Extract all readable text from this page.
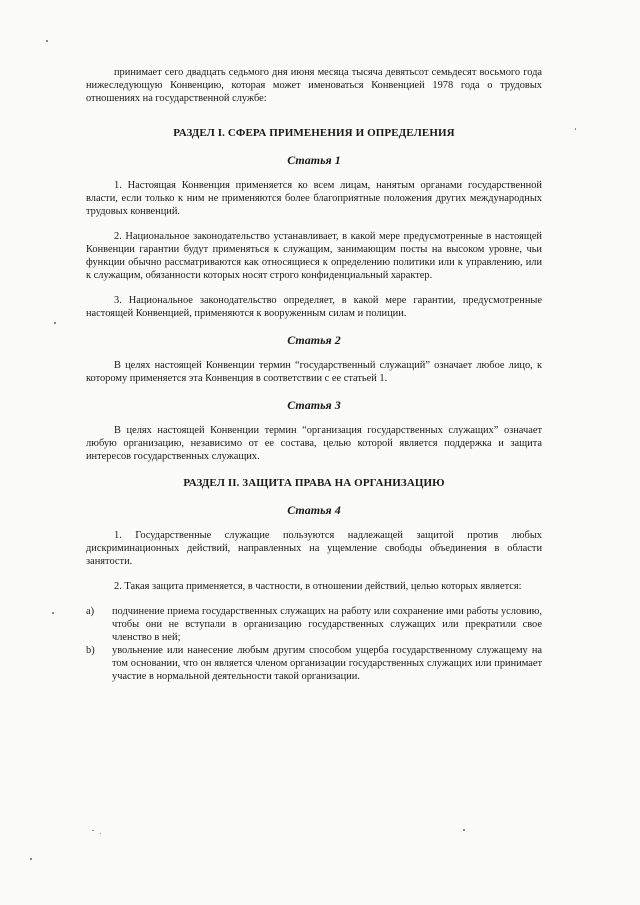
принимает сего двадцать седьмого дня июня месяца тысяча девятьсот семьдесят восьмого года нижеследующую Конвенцию, которая может именоваться Конвенцией 1978 года о трудовых отношениях на государственной службе:

РАЗДЕЛ I. СФЕРА ПРИМЕНЕНИЯ И ОПРЕДЕЛЕНИЯ
Статья 1

1. Настоящая Конвенция применяется ко всем лицам, нанятым органами государственной власти, если только к ним не применяются более благоприятные положения других международных трудовых конвенций.

2. Национальное законодательство устанавливает, в какой мере предусмотренные в настоящей Конвенции гарантии будут применяться к служащим, занимающим посты на высоком уровне, чьи функции обычно рассматриваются как относящиеся к определению политики или к управлению, или к служащим, обязанности которых носят строго конфиденциальный характер.

3. Национальное законодательство определяет, в какой мере гарантии, предусмотренные настоящей Конвенцией, применяются к вооруженным силам и полиции.

Статья 2

В целях настоящей Конвенции термин “государственный служащий” означает любое лицо, к которому применяется эта Конвенция в соответствии с ее статьей 1.

Статья 3

В целях настоящей Конвенции термин “организация государственных служащих” означает любую организацию, независимо от ее состава, целью которой является поддержка и защита интересов государственных служащих.

РАЗДЕЛ II. ЗАЩИТА ПРАВА НА ОРГАНИЗАЦИЮ
Статья 4

1. Государственные служащие пользуются надлежащей защитой против любых дискриминационных действий, направленных на ущемление свободы объединения в области занятости.

2. Такая защита применяется, в частности, в отношении действий, целью которых является:

a) подчинение приема государственных служащих на работу или сохранение ими работы условию, чтобы они не вступали в организацию государственных служащих или прекратили свое членство в ней;
b) увольнение или нанесение любым другим способом ущерба государственному служащему на том основании, что он является членом организации государственных служащих или принимает участие в нормальной деятельности такой организации.
